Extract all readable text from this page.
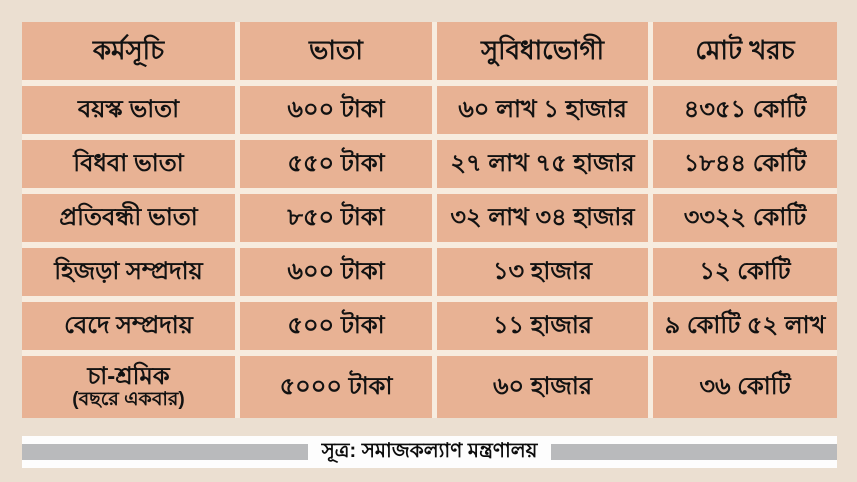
কর্মসূচি	ভাতা	সুবিধাভোগী	মোট খরচ
বয়স্ক ভাতা	৬০০ টাকা	৬০ লাখ ১ হাজার	৪৩৫১ কোটি
বিধবা ভাতা	৫৫০ টাকা	২৭ লাখ ৭৫ হাজার	১৮৪৪ কোটি
প্রতিবন্ধী ভাতা	৮৫০ টাকা	৩২ লাখ ৩৪ হাজার	৩৩২২ কোটি
হিজড়া সম্প্রদায়	৬০০ টাকা	১৩ হাজার	১২ কোটি
বেদে সম্প্রদায়	৫০০ টাকা	১১ হাজার	৯ কোটি ৫২ লাখ
চা-শ্রমিক
(বছরে একবার)	৫০০০ টাকা	৬০ হাজার	৩৬ কোটি
সূত্র: সমাজকল্যাণ মন্ত্রণালয়
